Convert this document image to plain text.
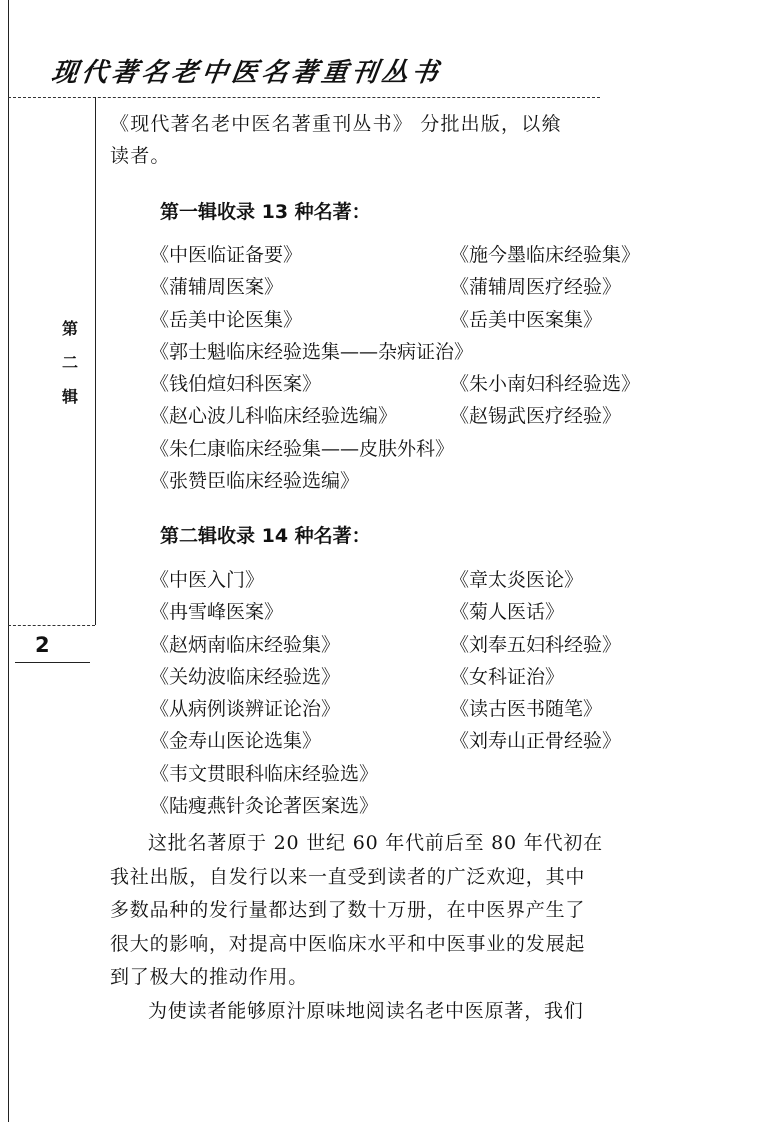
现代著名老中医名著重刊丛书
第
二
辑
2

《现代著名老中医名著重刊丛书》 分批出版，以飨

读者。

第一辑收录 13 种名著：
《中医临证备要》	《施今墨临床经验集》
《蒲辅周医案》	《蒲辅周医疗经验》
《岳美中论医集》	《岳美中医案集》
《郭士魁临床经验选集——杂病证治》
《钱伯煊妇科医案》	《朱小南妇科经验选》
《赵心波儿科临床经验选编》	《赵锡武医疗经验》
《朱仁康临床经验集——皮肤外科》
《张赞臣临床经验选编》
第二辑收录 14 种名著：
《中医入门》	《章太炎医论》
《冉雪峰医案》	《菊人医话》
《赵炳南临床经验集》	《刘奉五妇科经验》
《关幼波临床经验选》	《女科证治》
《从病例谈辨证论治》	《读古医书随笔》
《金寿山医论选集》	《刘寿山正骨经验》
《韦文贯眼科临床经验选》
《陆瘦燕针灸论著医案选》

这批名著原于 20 世纪 60 年代前后至 80 年代初在

我社出版，自发行以来一直受到读者的广泛欢迎，其中

多数品种的发行量都达到了数十万册，在中医界产生了

很大的影响，对提高中医临床水平和中医事业的发展起

到了极大的推动作用。

为使读者能够原汁原味地阅读名老中医原著，我们
